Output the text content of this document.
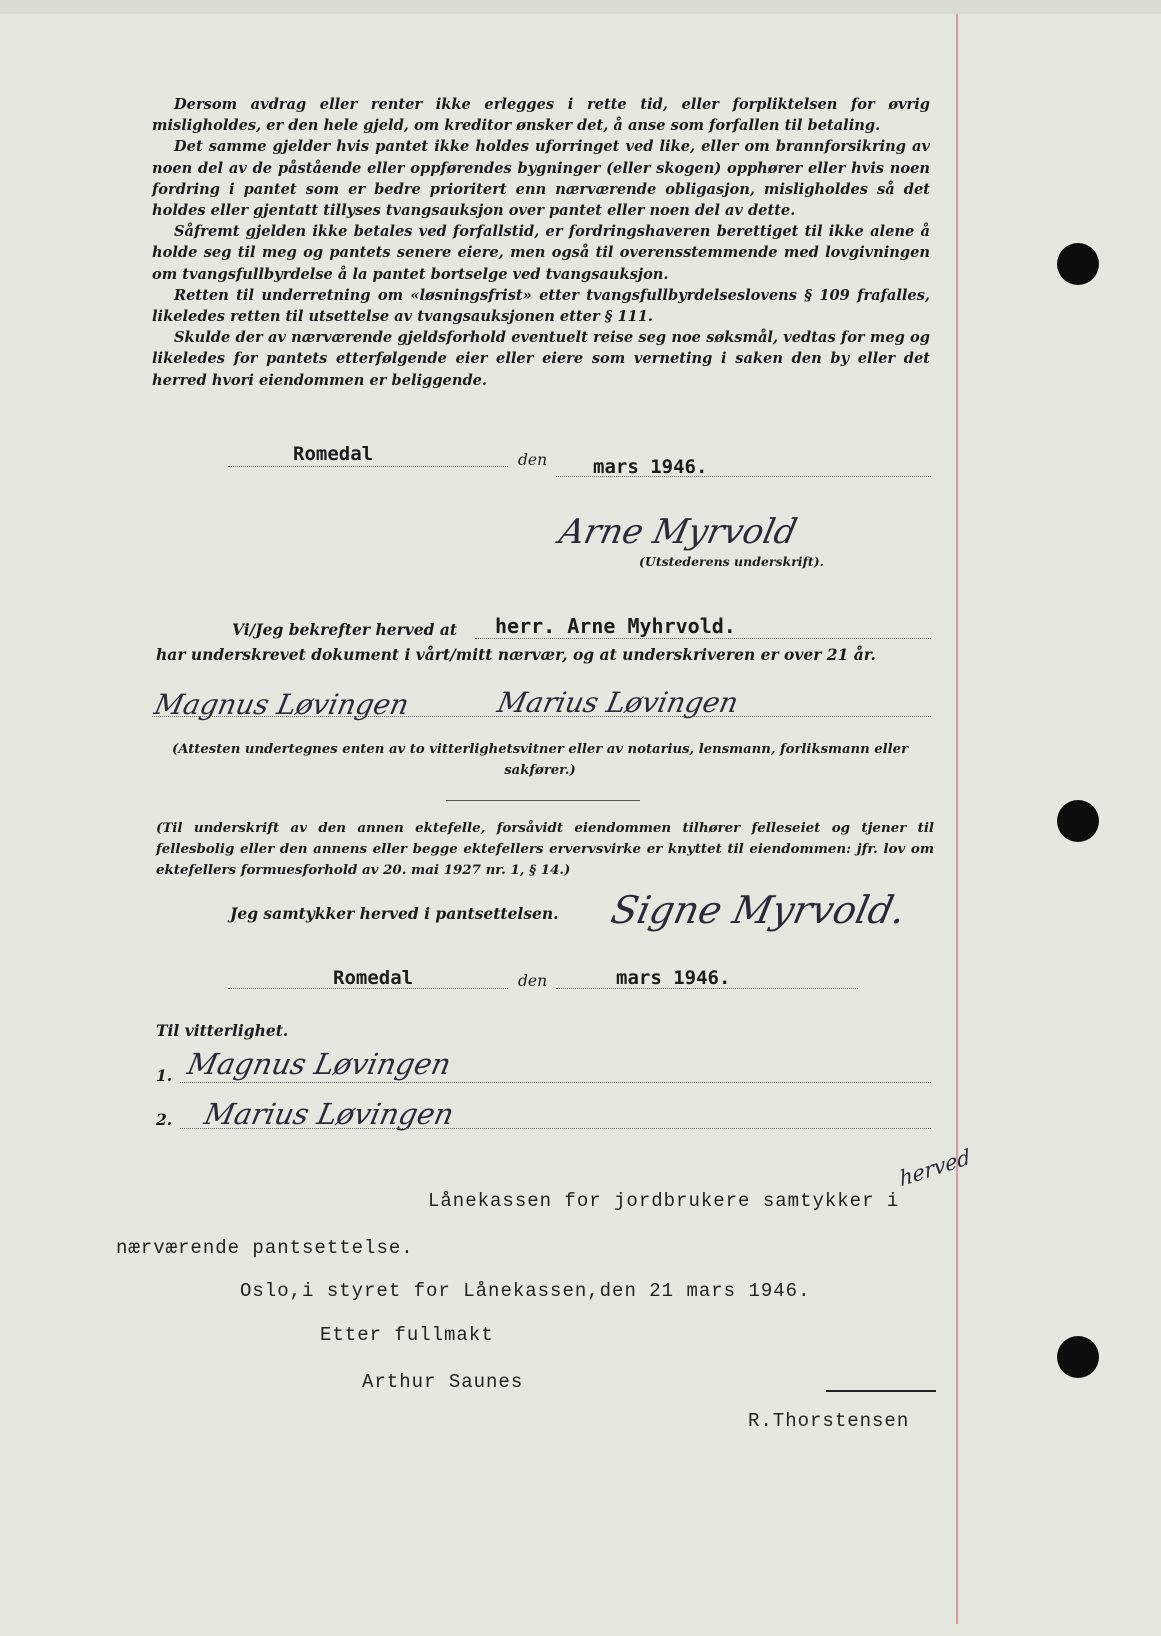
Dersom avdrag eller renter ikke erlegges i rette tid, eller forpliktelsen for øvrig misligholdes, er den hele gjeld, om kreditor ønsker det, å anse som forfallen til betaling.

Det samme gjelder hvis pantet ikke holdes uforringet ved like, eller om brannforsikring av noen del av de påstående eller oppførendes bygninger (eller skogen) opphører eller hvis noen fordring i pantet som er bedre prioritert enn nærværende obligasjon, misligholdes så det holdes eller gjentatt tillyses tvangsauksjon over pantet eller noen del av dette.

Såfremt gjelden ikke betales ved forfallstid, er fordringshaveren berettiget til ikke alene å holde seg til meg og pantets senere eiere, men også til overensstemmende med lovgivningen om tvangsfullbyrdelse å la pantet bortselge ved tvangsauksjon.

Retten til underretning om «løsningsfrist» etter tvangsfullbyrdelseslovens § 109 frafalles, likeledes retten til utsettelse av tvangsauksjonen etter § 111.

Skulde der av nærværende gjeldsforhold eventuelt reise seg noe søksmål, vedtas for meg og likeledes for pantets etterfølgende eier eller eiere som verneting i saken den by eller det herred hvori eiendommen er beliggende.

Romedal	den mars 1946.
Arne Myrvold
(Utstederens underskrift).
Vi/Jeg bekrefter herved at herr. Arne Myhrvold.
har underskrevet dokument i vårt/mitt nærvær, og at underskriveren er over 21 år.
Magnus Løvingen	Marius Løvingen
(Attesten undertegnes enten av to vitterlighetsvitner eller av notarius, lensmann, forliksmann eller sakfører.)
(Til underskrift av den annen ektefelle, forsåvidt eiendommen tilhører felleseiet og tjener til fellesbolig eller den annens eller begge ektefellers ervervsvirke er knyttet til eiendommen: jfr. lov om ektefellers formuesforhold av 20. mai 1927 nr. 1, § 14.)
Jeg samtykker herved i pantsettelsen. Signe Myrvold.
Romedal	den	mars 1946.
Til vitterlighet.
1. Magnus Løvingen
2. Marius Løvingen
herved
Lånekassen for jordbrukere samtykker i
nærværende pantsettelse.
Oslo,i styret for Lånekassen,den 21 mars 1946.
Etter fullmakt
Arthur Saunes
R.Thorstensen
